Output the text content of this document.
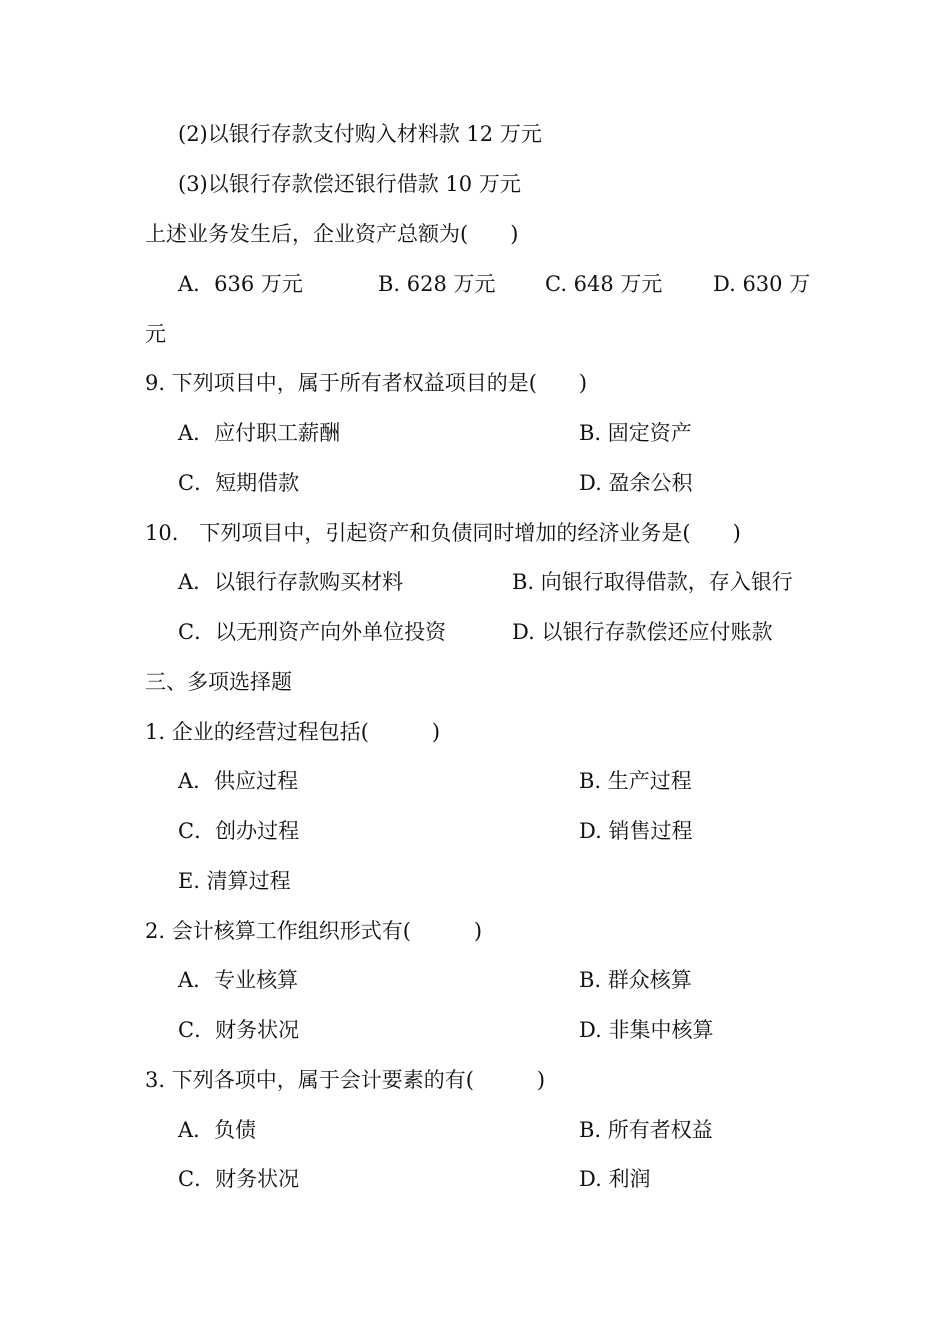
(2)以银行存款支付购入材料款 12 万元
(3)以银行存款偿还银行借款 10 万元
上述业务发生后，企业资产总额为(　　)
A．636 万元	B. 628 万元 C. 648 万元 D. 630 万
元
9. 下列项目中，属于所有者权益项目的是(　　)
A．应付职工薪酬	B. 固定资产
C．短期借款	D. 盈余公积
10.　下列项目中，引起资产和负债同时增加的经济业务是(　　)
A．以银行存款购买材料	B. 向银行取得借款，存入银行
C．以无刑资产向外单位投资	D. 以银行存款偿还应付账款
三、多项选择题
1. 企业的经营过程包括(　　　)
A．供应过程	B. 生产过程
C．创办过程	D. 销售过程
E. 清算过程
2. 会计核算工作组织形式有(　　　)
A．专业核算	B. 群众核算
C．财务状况	D. 非集中核算
3. 下列各项中，属于会计要素的有(　　　)
A．负债	B. 所有者权益
C．财务状况	D. 利润
